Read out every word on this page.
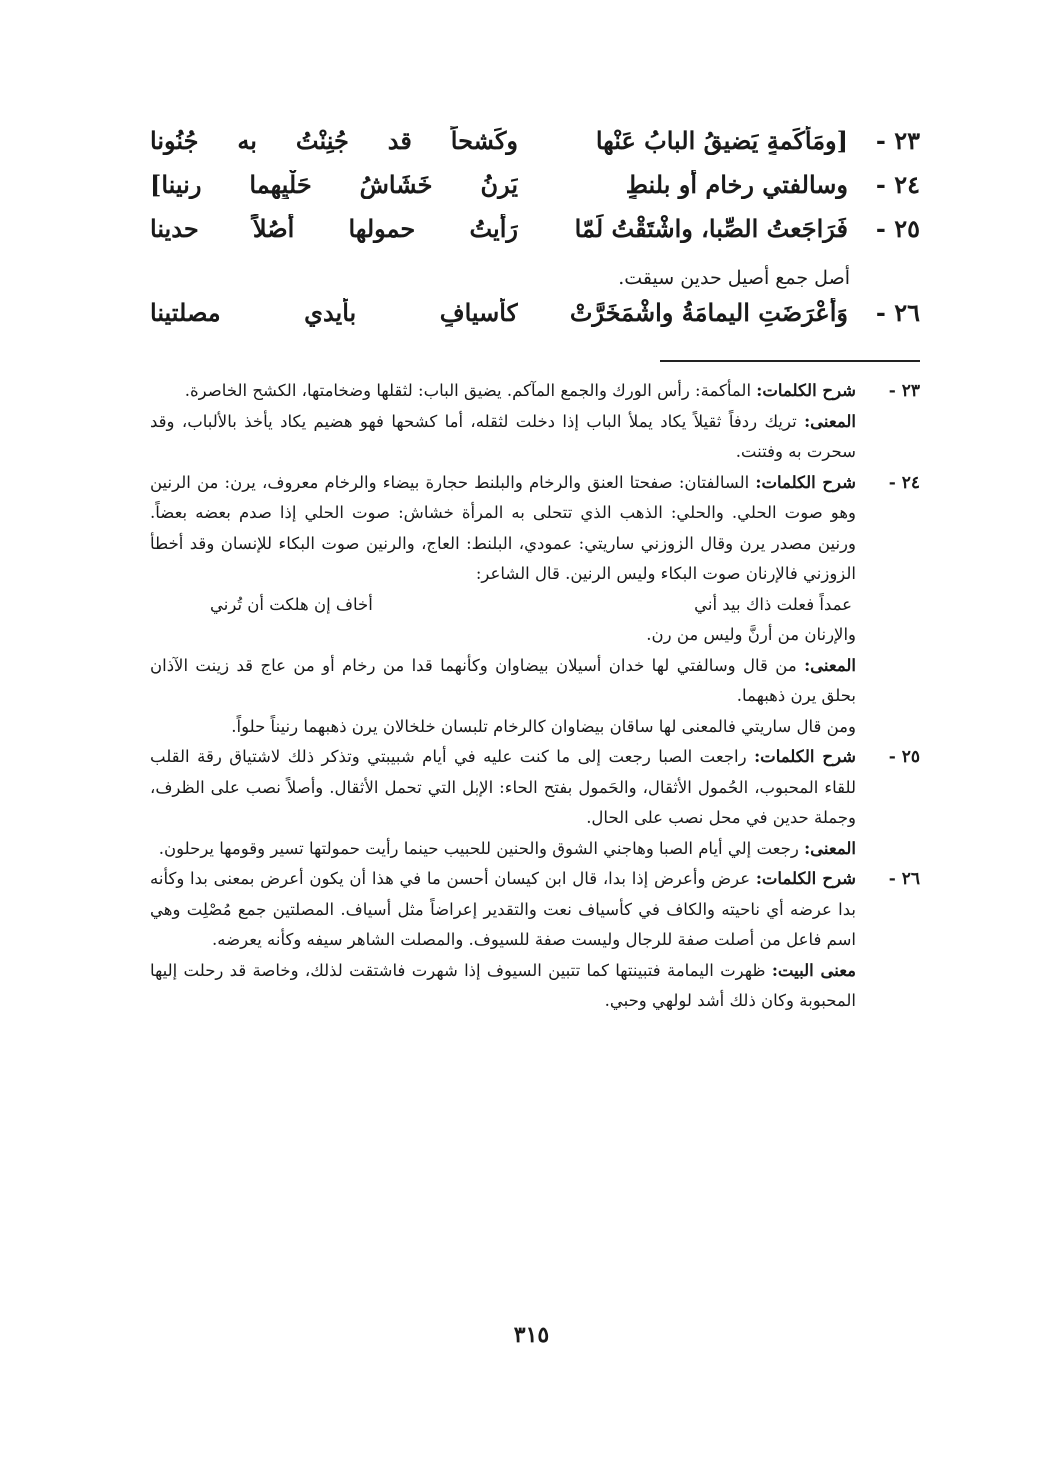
٢٣ -
[ومَأْكَمةٍ يَضيقُ البابُ عَنْها
وكَشحاً قد جُنِنْتُ به جُنُونا
٢٤ -
وسالفتي رخام أو بلنطٍ
يَرنُ خَشَاشُ حَلْيِهما رنينا]
٢٥ -
فَرَاجَعتُ الصِّبا، واشْتَقْتُ لَمّا
رَأَيتُ حمولها أُصُلاً حدينا
أصل جمع أصيل حدين سيقت.
٢٦ -
وَأَعْرَضَتِ اليمامَةُ واشْمَخَرَّتْ
كأسيافٍ بأيدي مصلتينا
٢٣ -

شرح الكلمات: المأكمة: رأس الورك والجمع المآكم. يضيق الباب: لثقلها وضخامتها، الكشح الخاصرة.

المعنى: تريك ردفاً ثقيلاً يكاد يملأ الباب إذا دخلت لثقله، أما كشحها فهو هضيم يكاد يأخذ بالألباب، وقد سحرت به وفتنت.

٢٤ -

شرح الكلمات: السالفتان: صفحتا العنق والرخام والبلنط حجارة بيضاء والرخام معروف، يرن: من الرنين وهو صوت الحلي. والحلي: الذهب الذي تتحلى به المرأة خشاش: صوت الحلي إذا صدم بعضه بعضاً. ورنين مصدر يرن وقال الزوزني ساريتي: عمودي، البلنط: العاج، والرنين صوت البكاء للإنسان وقد أخطأ الزوزني فالإرنان صوت البكاء وليس الرنين. قال الشاعر:

عمداً فعلت ذاك بيد أني
أخاف إن هلكت أن تُرني

والإرنان من أرنَّ وليس من رن.

المعنى: من قال وسالفتي لها خدان أسيلان بيضاوان وكأنهما قدا من رخام أو من عاج قد زينت الآذان بحلق يرن ذهبهما.

ومن قال ساريتي فالمعنى لها ساقان بيضاوان كالرخام تلبسان خلخالان يرن ذهبهما رنيناً حلواً.

٢٥ -

شرح الكلمات: راجعت الصبا رجعت إلى ما كنت عليه في أيام شبيبتي وتذكر ذلك لاشتياق رقة القلب للقاء المحبوب، الحُمول الأثقال، والحَمول بفتح الحاء: الإبل التي تحمل الأثقال. وأصلاً نصب على الظرف، وجملة حدين في محل نصب على الحال.

المعنى: رجعت إلي أيام الصبا وهاجني الشوق والحنين للحبيب حينما رأيت حمولتها تسير وقومها يرحلون.

٢٦ -

شرح الكلمات: عرض وأعرض إذا بدا، قال ابن كيسان أحسن ما في هذا أن يكون أعرض بمعنى بدا وكأنه بدا عرضه أي ناحيته والكاف في كأسياف نعت والتقدير إعراضاً مثل أسياف. المصلتين جمع مُصْلِت وهي اسم فاعل من أصلت صفة للرجال وليست صفة للسيوف. والمصلت الشاهر سيفه وكأنه يعرضه.

معنى البيت: ظهرت اليمامة فتبينتها كما تتبين السيوف إذا شهرت فاشتقت لذلك، وخاصة قد رحلت إليها المحبوبة وكان ذلك أشد لولهي وحبي.

٣١٥
